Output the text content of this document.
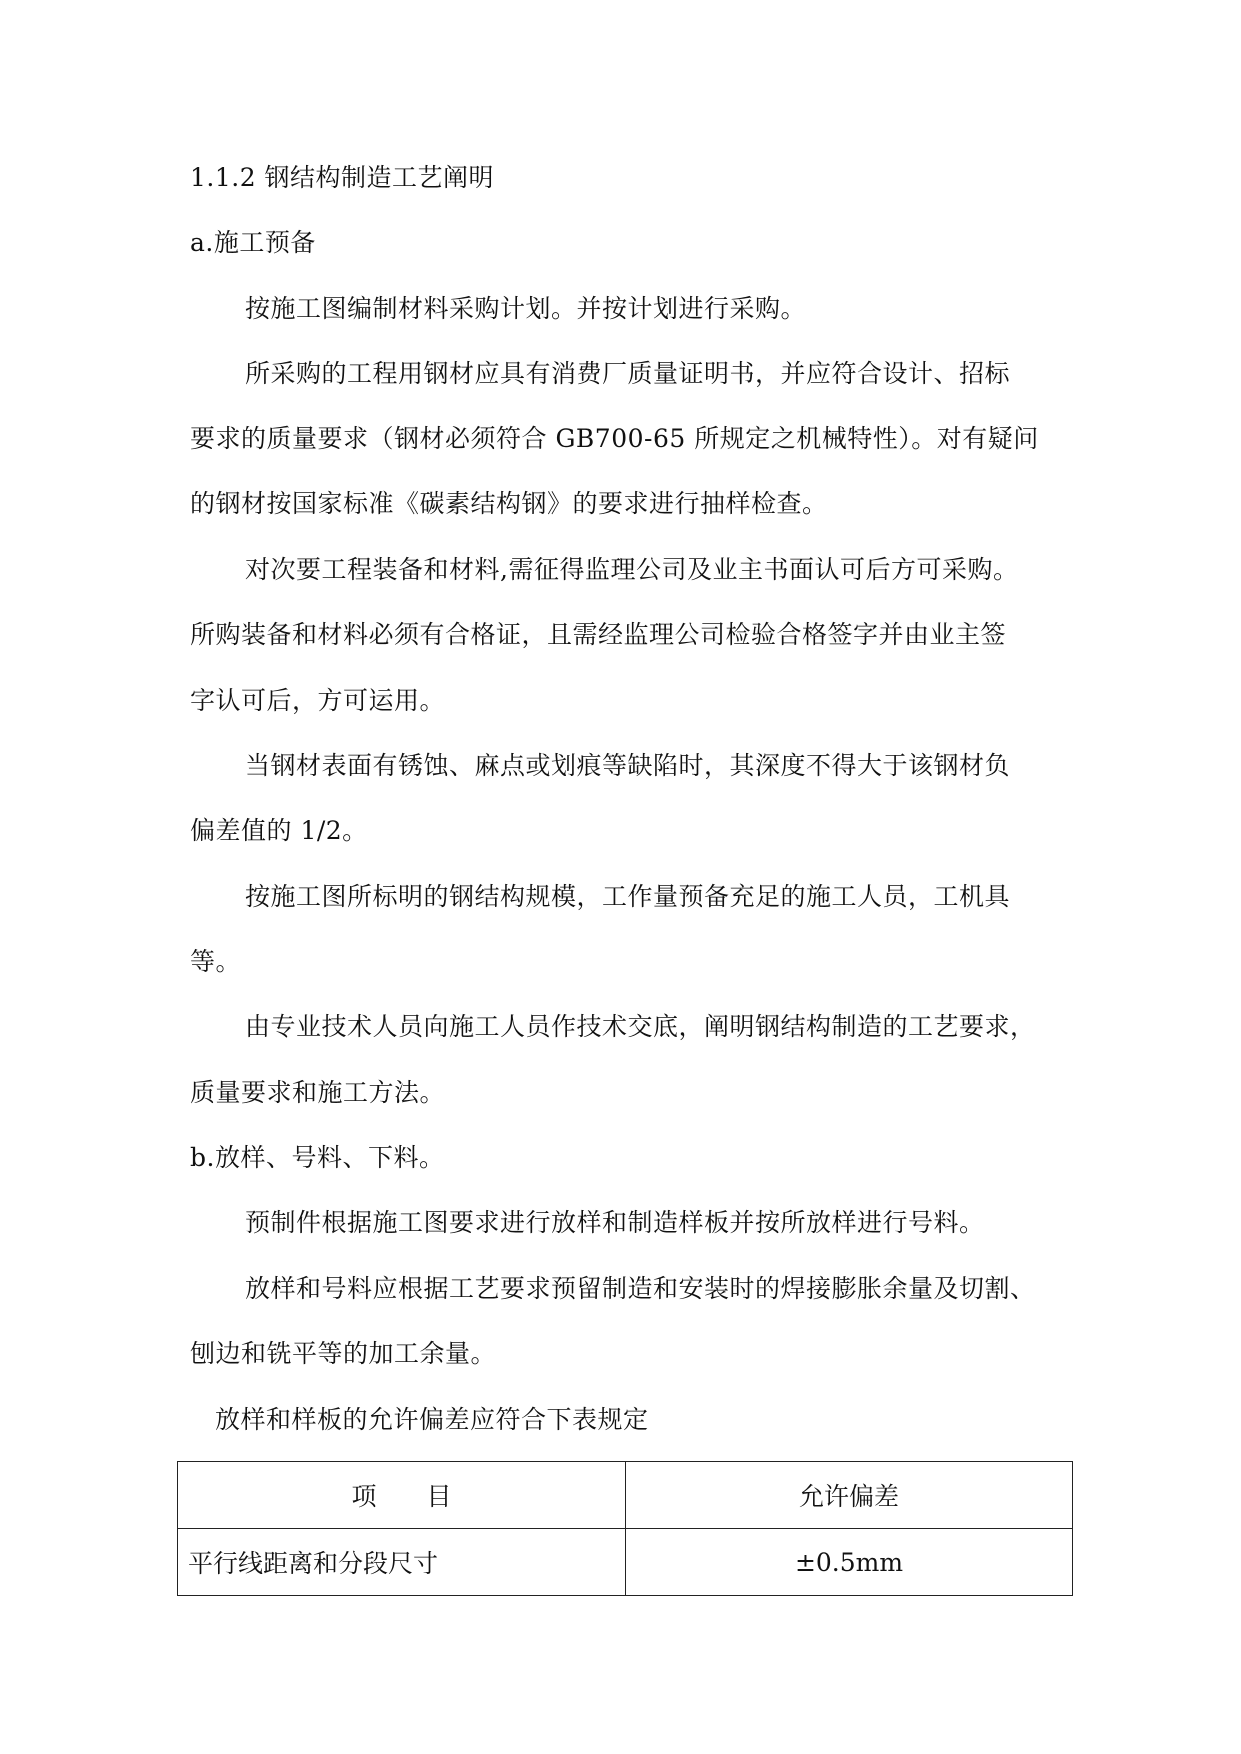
1.1.2 钢结构制造工艺阐明
a.施工预备
按施工图编制材料采购计划。并按计划进行采购。
所采购的工程用钢材应具有消费厂质量证明书，并应符合设计、招标
要求的质量要求（钢材必须符合 GB700-65 所规定之机械特性）。对有疑问
的钢材按国家标准《碳素结构钢》的要求进行抽样检查。
对次要工程装备和材料,需征得监理公司及业主书面认可后方可采购。
所购装备和材料必须有合格证，且需经监理公司检验合格签字并由业主签
字认可后，方可运用。
当钢材表面有锈蚀、麻点或划痕等缺陷时，其深度不得大于该钢材负
偏差值的 1/2。
按施工图所标明的钢结构规模，工作量预备充足的施工人员，工机具
等。
由专业技术人员向施工人员作技术交底，阐明钢结构制造的工艺要求，
质量要求和施工方法。
b.放样、号料、下料。
预制件根据施工图要求进行放样和制造样板并按所放样进行号料。
放样和号料应根据工艺要求预留制造和安装时的焊接膨胀余量及切割、
刨边和铣平等的加工余量。
放样和样板的允许偏差应符合下表规定
项　　目	允许偏差
平行线距离和分段尺寸	±0.5mm
